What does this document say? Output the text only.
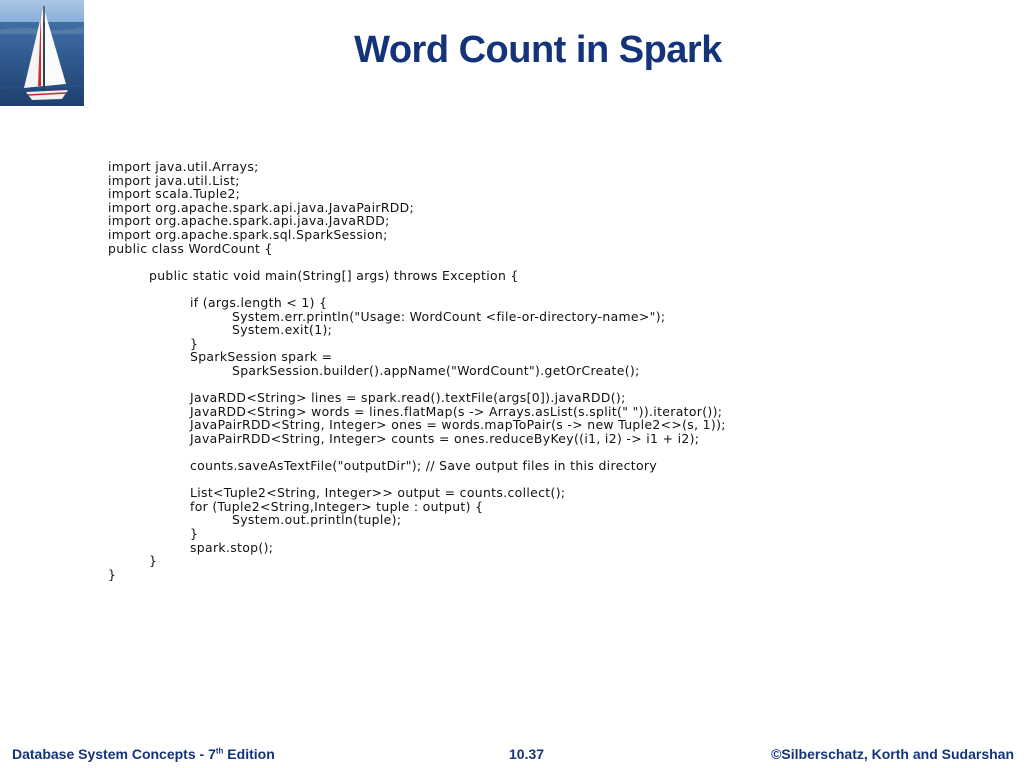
Word Count in Spark
import java.util.Arrays;
import java.util.List;
import scala.Tuple2;
import org.apache.spark.api.java.JavaPairRDD;
import org.apache.spark.api.java.JavaRDD;
import org.apache.spark.sql.SparkSession;
public class WordCount {
public static void main(String[] args) throws Exception {
if (args.length < 1) {
System.err.println("Usage: WordCount <file-or-directory-name>");
System.exit(1);
}
SparkSession spark =
SparkSession.builder().appName("WordCount").getOrCreate();
JavaRDD<String> lines = spark.read().textFile(args[0]).javaRDD();
JavaRDD<String> words = lines.flatMap(s -> Arrays.asList(s.split(" ")).iterator());
JavaPairRDD<String, Integer> ones = words.mapToPair(s -> new Tuple2<>(s, 1));
JavaPairRDD<String, Integer> counts = ones.reduceByKey((i1, i2) -> i1 + i2);
counts.saveAsTextFile("outputDir"); // Save output files in this directory
List<Tuple2<String, Integer>> output = counts.collect();
for (Tuple2<String,Integer> tuple : output) {
System.out.println(tuple);
}
spark.stop();
}
}
Database System Concepts - 7th Edition	10.37	©Silberschatz, Korth and Sudarshan
